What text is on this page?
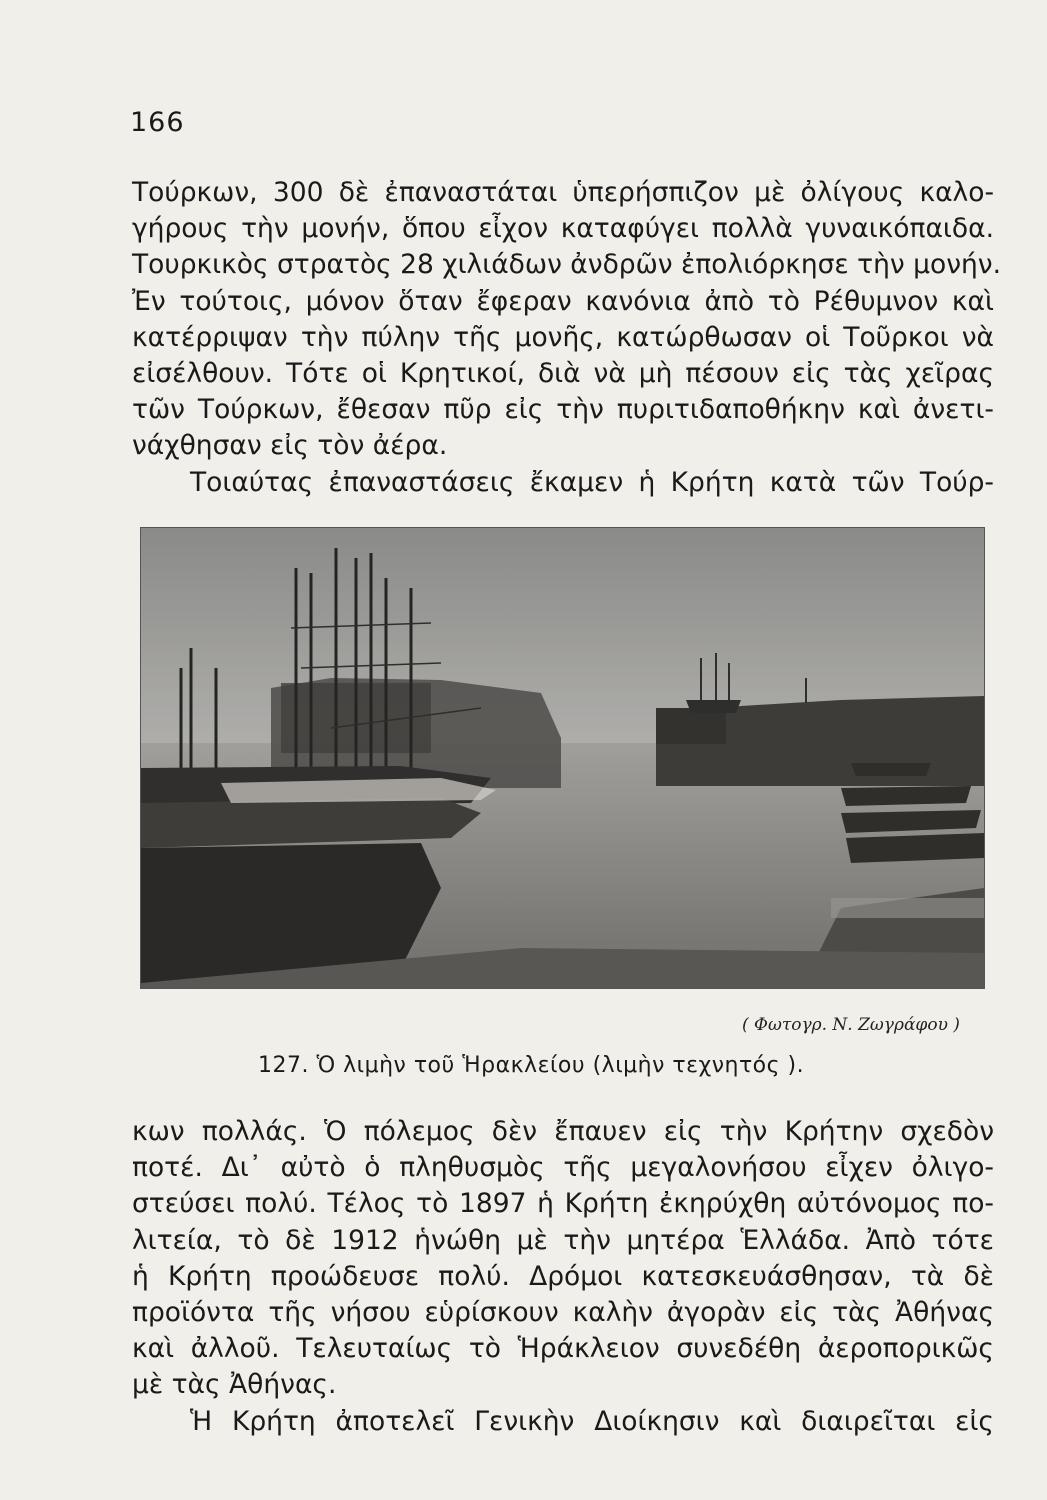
166
Τούρκων, 300 δὲ ἐπαναστάται ὑπερήσπιζον μὲ ὀλίγους καλο-
γήρους τὴν μονήν, ὅπου εἶχον καταφύγει πολλὰ γυναικόπαιδα.
Τουρκικὸς στρατὸς 28 χιλιάδων ἀνδρῶν ἐπολιόρκησε τὴν μονήν.
Ἐν τούτοις, μόνον ὅταν ἔφεραν κανόνια ἀπὸ τὸ Ρέθυμνον καὶ
κατέρριψαν τὴν πύλην τῆς μονῆς, κατώρθωσαν οἱ Τοῦρκοι νὰ
εἰσέλθουν. Τότε οἱ Κρητικοί, διὰ νὰ μὴ πέσουν εἰς τὰς χεῖρας
τῶν Τούρκων, ἔθεσαν πῦρ εἰς τὴν πυριτιδαποθήκην καὶ ἀνετι-
νάχθησαν εἰς τὸν ἀέρα.
Τοιαύτας ἐπαναστάσεις ἔκαμεν ἡ Κρήτη κατὰ τῶν Τούρ-
( Φωτογρ. Ν. Ζωγράφου )
127. Ὁ λιμὴν τοῦ Ἡρακλείου (λιμὴν τεχνητός ).
κων πολλάς. Ὁ πόλεμος δὲν ἔπαυεν εἰς τὴν Κρήτην σχεδὸν
ποτέ. Δι᾽ αὐτὸ ὁ πληθυσμὸς τῆς μεγαλονήσου εἶχεν ὀλιγο-
στεύσει πολύ. Τέλος τὸ 1897 ἡ Κρήτη ἐκηρύχθη αὐτόνομος πο-
λιτεία, τὸ δὲ 1912 ἡνώθη μὲ τὴν μητέρα Ἑλλάδα. Ἀπὸ τότε
ἡ Κρήτη προώδευσε πολύ. Δρόμοι κατεσκευάσθησαν, τὰ δὲ
προϊόντα τῆς νήσου εὑρίσκουν καλὴν ἀγορὰν εἰς τὰς Ἀθήνας
καὶ ἀλλοῦ. Τελευταίως τὸ Ἡράκλειον συνεδέθη ἀεροπορικῶς
μὲ τὰς Ἀθήνας.
Ἡ Κρήτη ἀποτελεῖ Γενικὴν Διοίκησιν καὶ διαιρεῖται εἰς
